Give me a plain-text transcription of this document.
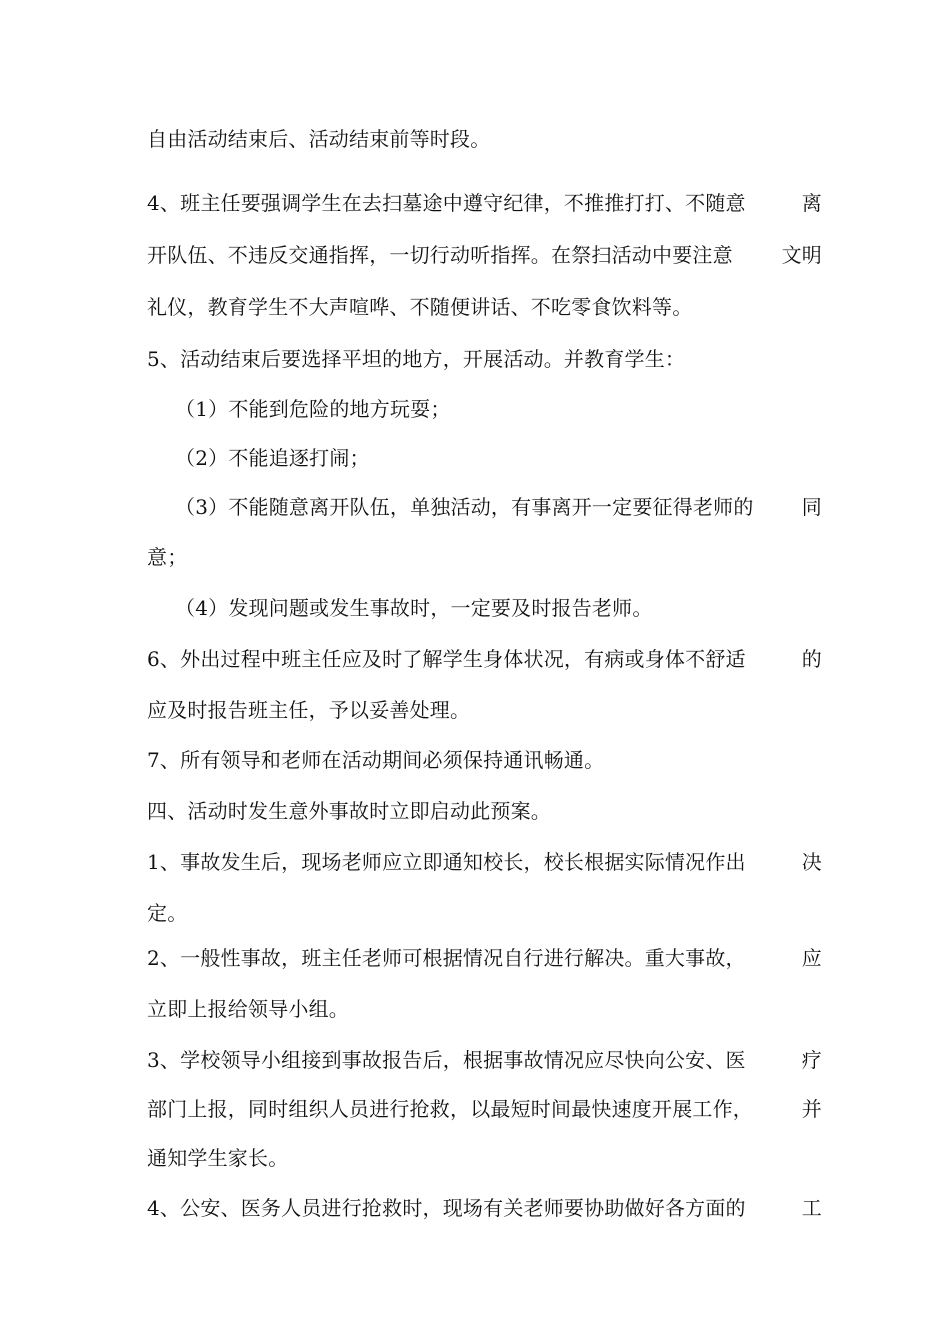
自由活动结束后、活动结束前等时段。
4、班主任要强调学生在去扫墓途中遵守纪律，不推推打打、不随意	离
开队伍、不违反交通指挥，一切行动听指挥。在祭扫活动中要注意 文明
礼仪，教育学生不大声喧哗、不随便讲话、不吃零食饮料等。
5、活动结束后要选择平坦的地方，开展活动。并教育学生：
（1）不能到危险的地方玩耍；
（2）不能追逐打闹；
（3）不能随意离开队伍，单独活动，有事离开一定要征得老师的 同
意；
（4）发现问题或发生事故时，一定要及时报告老师。
6、外出过程中班主任应及时了解学生身体状况，有病或身体不舒适	的
应及时报告班主任，予以妥善处理。
7、所有领导和老师在活动期间必须保持通讯畅通。
四、活动时发生意外事故时立即启动此预案。
1、事故发生后，现场老师应立即通知校长，校长根据实际情况作出	决
定。
2、一般性事故，班主任老师可根据情况自行进行解决。重大事故，	应
立即上报给领导小组。
3、学校领导小组接到事故报告后，根据事故情况应尽快向公安、医	疗
部门上报，同时组织人员进行抢救，以最短时间最快速度开展工作， 并
通知学生家长。
4、公安、医务人员进行抢救时，现场有关老师要协助做好各方面的	工
